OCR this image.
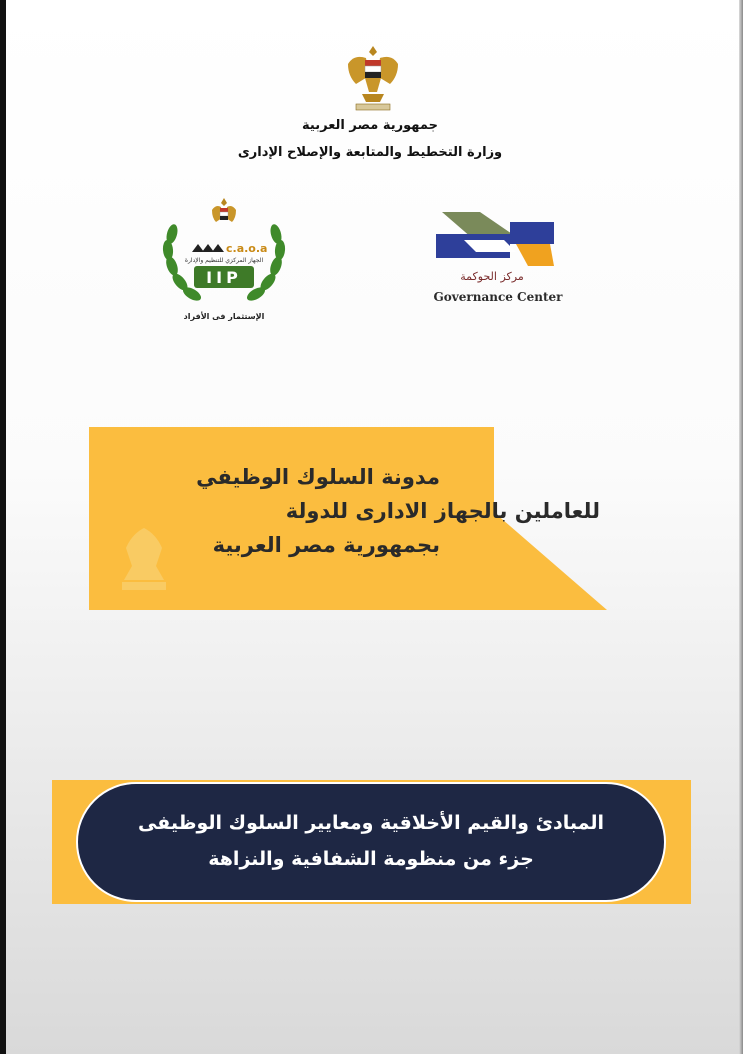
جمهورية مصر العربية
وزارة التخطيط والمتابعة والإصلاح الإدارى
c.a.o.a
الجهاز المركزي للتنظيم والإدارة
IIP
الإستثمار فى الأفراد
مركز الحوكمة
Governance Center
مدونة السلوك الوظيفي
للعاملين بالجهاز الادارى للدولة
بجمهورية مصر العربية
المبادئ والقيم الأخلاقية ومعايير السلوك الوظيفى
جزء من منظومة الشفافية والنزاهة
